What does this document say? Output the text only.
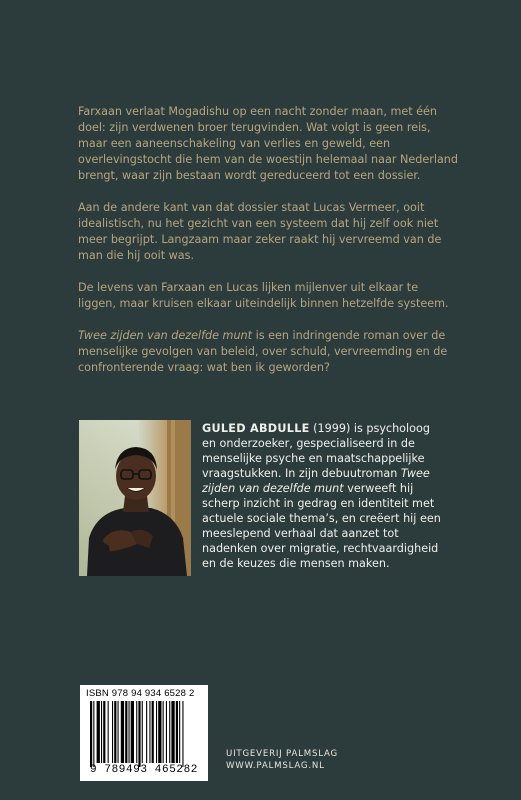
Farxaan verlaat Mogadishu op een nacht zonder maan, met één doel: zijn verdwenen broer terugvinden. Wat volgt is geen reis, maar een aaneenschakeling van verlies en geweld, een overlevingstocht die hem van de woestijn helemaal naar Nederland brengt, waar zijn bestaan wordt gereduceerd tot een dossier.

Aan de andere kant van dat dossier staat Lucas Vermeer, ooit idealistisch, nu het gezicht van een systeem dat hij zelf ook niet meer begrijpt. Langzaam maar zeker raakt hij vervreemd van de man die hij ooit was.

De levens van Farxaan en Lucas lijken mijlenver uit elkaar te liggen, maar kruisen elkaar uiteindelijk binnen hetzelfde systeem.

Twee zijden van dezelfde munt is een indringende roman over de menselijke gevolgen van beleid, over schuld, vervreemding en de confronterende vraag: wat ben ik geworden?

GULED ABDULLE (1999) is psycholoog en onderzoeker, gespecialiseerd in de menselijke psyche en maatschappelijke vraagstukken. In zijn debuutroman Twee zijden van dezelfde munt verweeft hij scherp inzicht in gedrag en identiteit met actuele sociale thema’s, en creëert hij een meeslepend verhaal dat aanzet tot nadenken over migratie, rechtvaardigheid en de keuzes die mensen maken.
ISBN 978 94 934 6528 2
9 789493 465282
UITGEVERIJ PALMSLAG
WWW.PALMSLAG.NL
